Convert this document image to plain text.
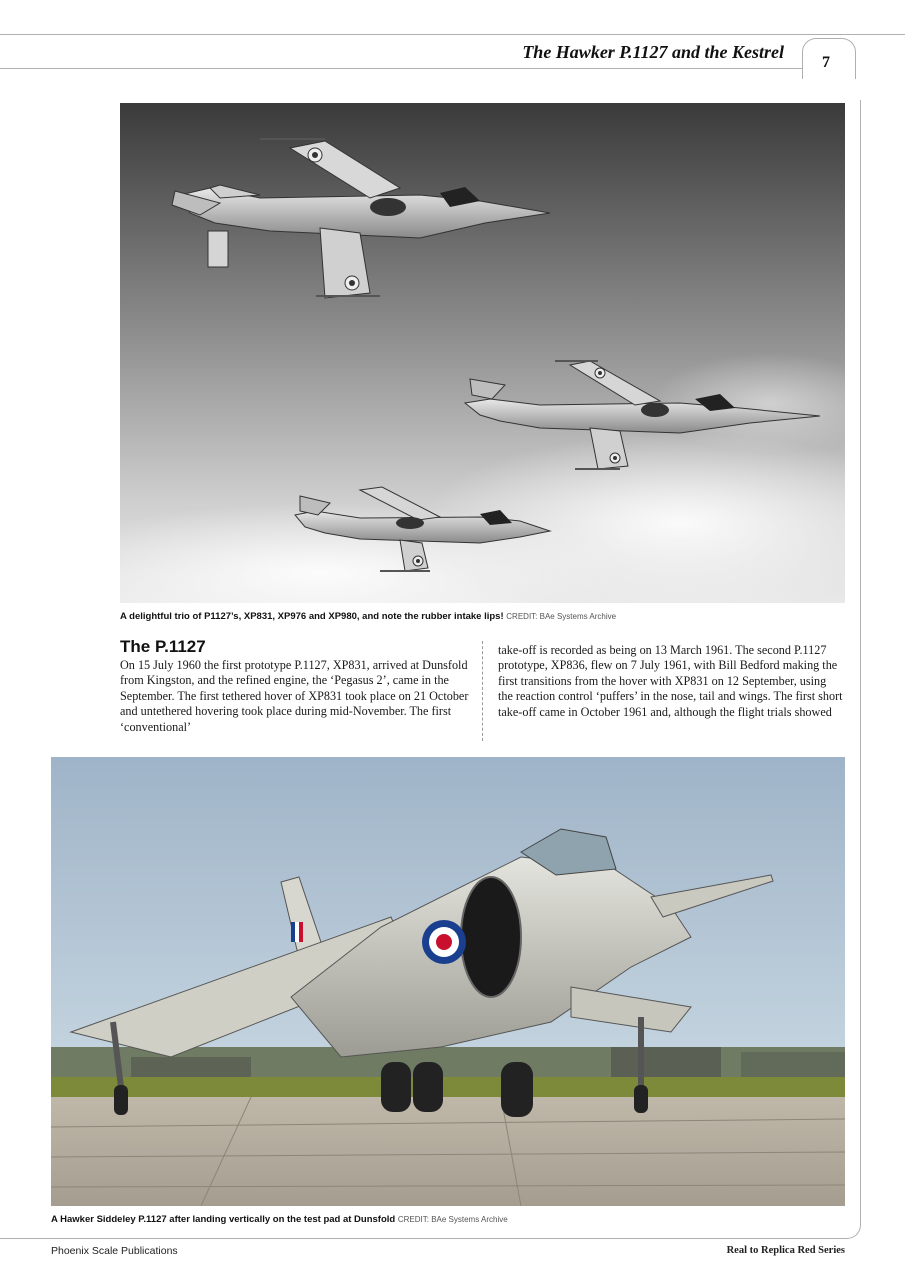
The Hawker P.1127 and the Kestrel
7
A delightful trio of P1127’s, XP831, XP976 and XP980, and note the rubber intake lips! CREDIT: BAe Systems Archive
The P.1127

On 15 July 1960 the first prototype P.1127, XP831, arrived at Dunsfold from Kingston, and the refined engine, the ‘Pegasus 2’, came in the September. The first tethered hover of XP831 took place on 21 October and untethered hovering took place during mid-November. The first ‘conventional’

take-off is recorded as being on 13 March 1961. The second P.1127 prototype, XP836, flew on 7 July 1961, with Bill Bedford making the first transitions from the hover with XP831 on 12 September, using the reaction control ‘puffers’ in the nose, tail and wings. The first short take-off came in October 1961 and, although the flight trials showed

A Hawker Siddeley P.1127 after landing vertically on the test pad at Dunsfold CREDIT: BAe Systems Archive
Phoenix Scale Publications	Real to Replica Red Series
